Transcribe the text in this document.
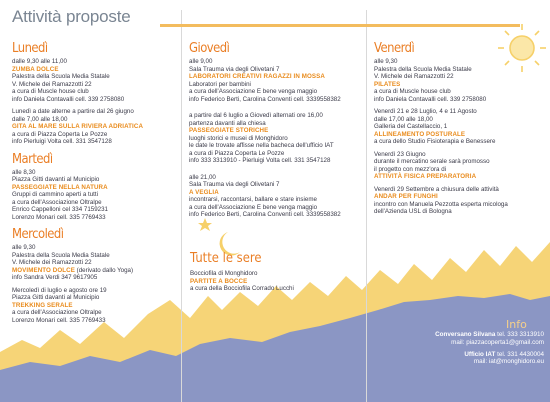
Attività proposte
Lunedì
dalle 9,30 alle 11,00
ZUMBA DOLCE
Palestra della Scuola Media Statale
V. Michele dei Ramazzotti 22
a cura di Muscle house club
info Daniela Contavalli cell. 339 2758080
Lunedì a date alterne a partire dal 26 giugno
dalle 7,00 alle 18,00
GITA AL MARE SULLA RIVIERA ADRIATICA
a cura di Piazza Coperta Le Pozze
info Pierluigi Volta cell. 331 3547128
Martedì
alle 8,30
Piazza Gitti davanti al Municipio
PASSEGGIATE NELLA NATURA
Gruppi di cammino aperti a tutti
a cura dell'Associazione Oltralpe
Enrico Cappelloni cel 334 7159231
Lorenzo Monari cell. 335 7769433
Mercoledì
alle 9,30
Palestra della Scuola Media Statale
V. Michele dei Ramazzotti 22
MOVIMENTO DOLCE (derivato dallo Yoga)
info Sandra Verdi 347 9617905
Mercoledì di luglio e agosto ore 19
Piazza Gitti davanti al Municipio
TREKKING SERALE
a cura dell'Associazione Oltralpe
Lorenzo Monari cell. 335 7769433
Giovedì
alle 9,00
Sala Trauma via degli Olivetani 7
LABORATORI CREATIVI RAGAZZI IN MOSSA
Laboratori per bambini
a cura dell'Associazione E bene venga maggio
info Federico Berti, Carolina Conventi cell. 3339558382
a partire dal 6 luglio a Giovedì alternati ore 16,00
partenza davanti alla chiesa
PASSEGGIATE STORICHE
luoghi storici e musei di Monghidoro
le date le trovate affisse nella bacheca dell'ufficio IAT
a cura di Piazza Coperta Le Pozze
info 333 3313910 - Pierluigi Volta cell. 331 3547128
alle 21,00
Sala Trauma via degli Olivetani 7
A VEGLIA
incontrarsi, raccontarsi, ballare e stare insieme
a cura dell'Associazione E bene venga maggio
info Federico Berti, Carolina Conventi cell. 3339558382
Tutte le sere
Bocciofila di Monghidoro
PARTITE A BOCCE
a cura della Bocciofila Corrado Lucchi
Venerdì
alle 9,30
Palestra della Scuola Media Statale
V. Michele dei Ramazzotti 22
PILATES
a cura di Muscle house club
info Daniela Contavalli cell. 339 2758080
Venerdì 21 e 28 Luglio, 4 e 11 Agosto
dalle 17,00 alle 18,00
Galleria del Castellaccio, 1
ALLINEAMENTO POSTURALE
a cura dello Studio Fisioterapia e Benessere
Venerdì 23 Giugno
durante il mercatino serale sarà promosso
il progetto con mezz'ora di
ATTIVITÀ FISICA PREPARATORIA
Venerdì 29 Settembre a chiusura delle attività
ANDAR PER FUNGHI
incontro con Manuela Pezzotta esperta micologa
dell'Azienda USL di Bologna
Info
Conversano Silvana tel. 333 3313910
mail: piazzacoperta1@gmail.com
Ufficio IAT tel. 331 4430004
mail: iat@monghidoro.eu
